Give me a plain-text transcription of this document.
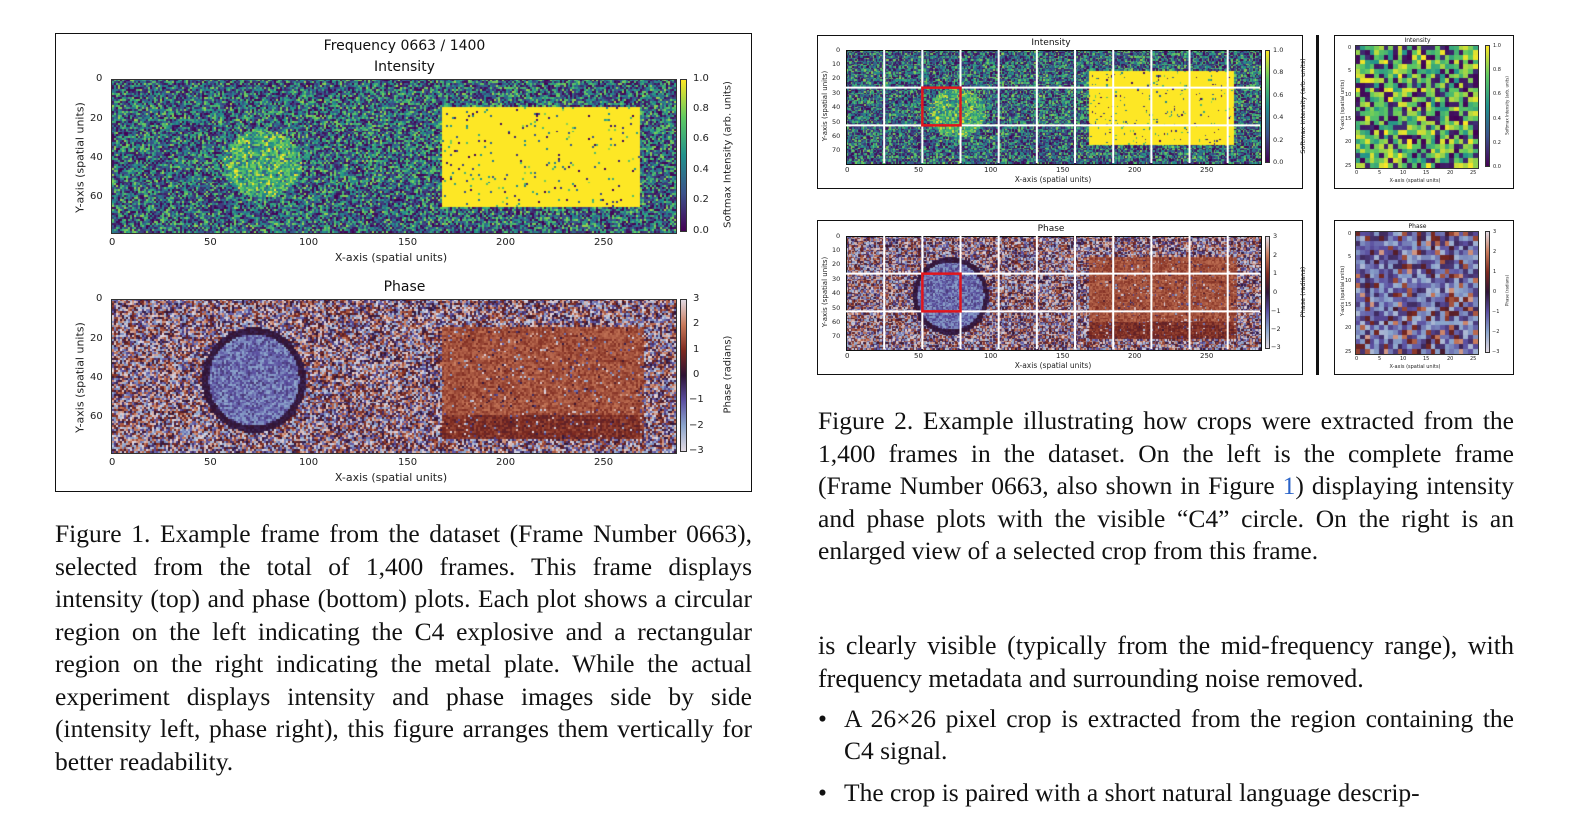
Frequency 0663 / 1400
Intensity
Y-axis (spatial units)
0
20
40
60
0	50	100	150	200	250
X-axis (spatial units)
1.0
0.8
0.6
0.4
0.2
0.0
Softmax Intensity (arb. units)
Phase
Y-axis (spatial units)
0
20
40
60
0	50	100	150	200	250
X-axis (spatial units)
3
2
1
0
−1
−2
−3
Phase (radians)
Figure 1. Example frame from the dataset (Frame Number 0663), selected from the total of 1,400 frames. This frame displays intensity (top) and phase (bottom) plots. Each plot shows a circular region on the left indicating the C4 explosive and a rectangular region on the right indicating the metal plate. While the actual experiment displays intensity and phase images side by side (intensity left, phase right), this figure arranges them vertically for better readability.
Intensity
Y-axis (spatial units)
X-axis (spatial units)
0	50	100	150	200	250
0
10
20
30
40
50
60
70
1.0
0.8
0.6
0.4
0.2
0.0
Softmax Intensity (arb. units)
Phase
Y-axis (spatial units)
X-axis (spatial units)
0	50	100	150	200	250
0
10
20
30
40
50
60
70
3
2
1
0
−1
−2
−3
Phase (radians)
Intensity
0	5	10	15	20	25
X-axis (spatial units)
0
5
10
15
20
25
Y-axis (spatial units)
1.0
0.8
0.6
0.4
0.2
0.0
Softmax Intensity (arb. units)
Phase
0	5	10	15	20	25
X-axis (spatial units)
0
5
10
15
20
25
Y-axis (spatial units)
3
2
1
0
−1
−2
−3
Phase (radians)
Figure 2. Example illustrating how crops were extracted from the 1,400 frames in the dataset. On the left is the complete frame (Frame Number 0663, also shown in Figure 1) displaying intensity and phase plots with the visible “C4” circle. On the right is an enlarged view of a selected crop from this frame.
is clearly visible (typically from the mid-frequency range), with frequency metadata and surrounding noise removed.
• A 26×26 pixel crop is extracted from the region containing the C4 signal.
• The crop is paired with a short natural language descrip-
